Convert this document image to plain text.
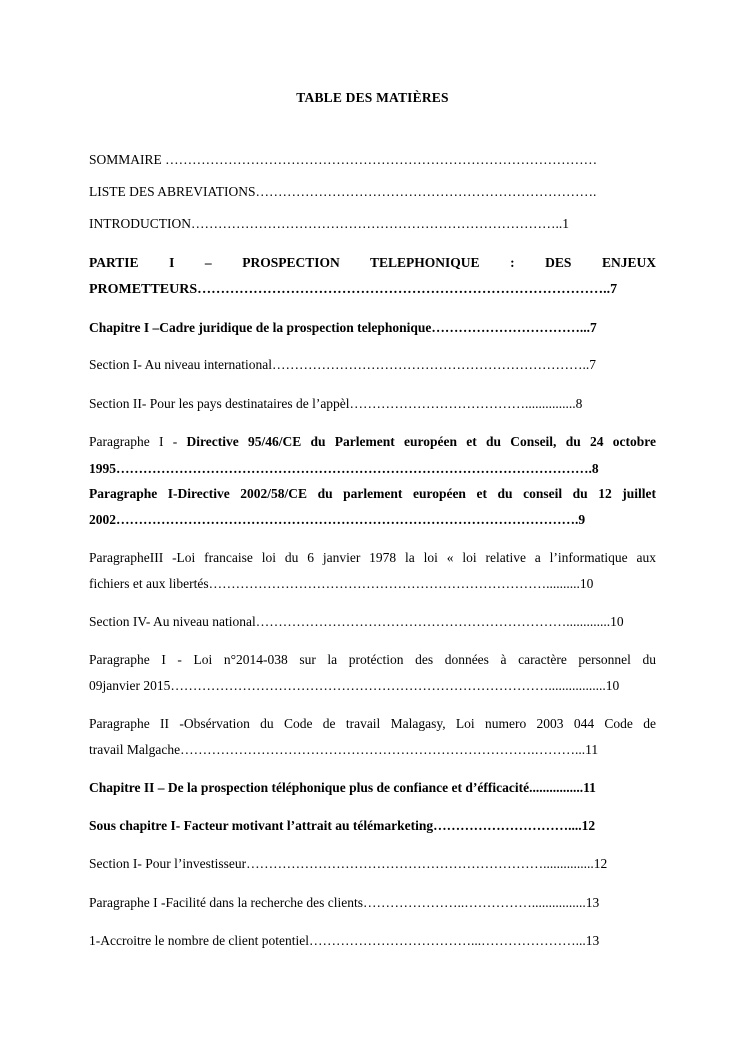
TABLE DES MATIÈRES
SOMMAIRE ……………………………………………………………………………………
LISTE DES ABREVIATIONS………………………………………………………………….
INTRODUCTION………………………………………………………………………..1
PARTIE I – PROSPECTION TELEPHONIQUE : DES ENJEUX
PROMETTEURS……………………………………………………………………………..7
Chapitre I –Cadre juridique de la prospection telephonique……………………………...7
Section I- Au niveau international……………………………………………………………..7
Section II- Pour les pays destinataires de l’appèl…………………………………...............8
Paragraphe I - Directive 95/46/CE du Parlement européen et du Conseil, du 24 octobre
1995…………………………………………………………………………………………….8
Paragraphe I-Directive 2002/58/CE du parlement européen et du conseil du 12 juillet
2002………………………………………………………………………………………….9
ParagrapheIII -Loi francaise loi du 6 janvier 1978 la loi « loi relative a l’informatique aux
fichiers et aux libertés…………………………………………………………………..........10
Section IV- Au niveau national…………………………………………………………….............10
Paragraphe I - Loi n°2014-038 sur la protéction des données à caractère personnel du
09janvier 2015………………………………………………………………………….................10
Paragraphe II -Obsérvation du Code de travail Malagasy, Loi numero 2003 044 Code de
travail Malgache…………………………………………………………………….………...11
Chapitre II – De la prospection téléphonique plus de confiance et d’éfficacité................11
Sous chapitre I- Facteur motivant l’attrait au télémarketing…………………………....12
Section I- Pour l’investisseur…………………………………………………………...............12
Paragraphe I -Facilité dans la recherche des clients…………………..……………................13
1-Accroitre le nombre de client potentiel………………………………...…………………...13
